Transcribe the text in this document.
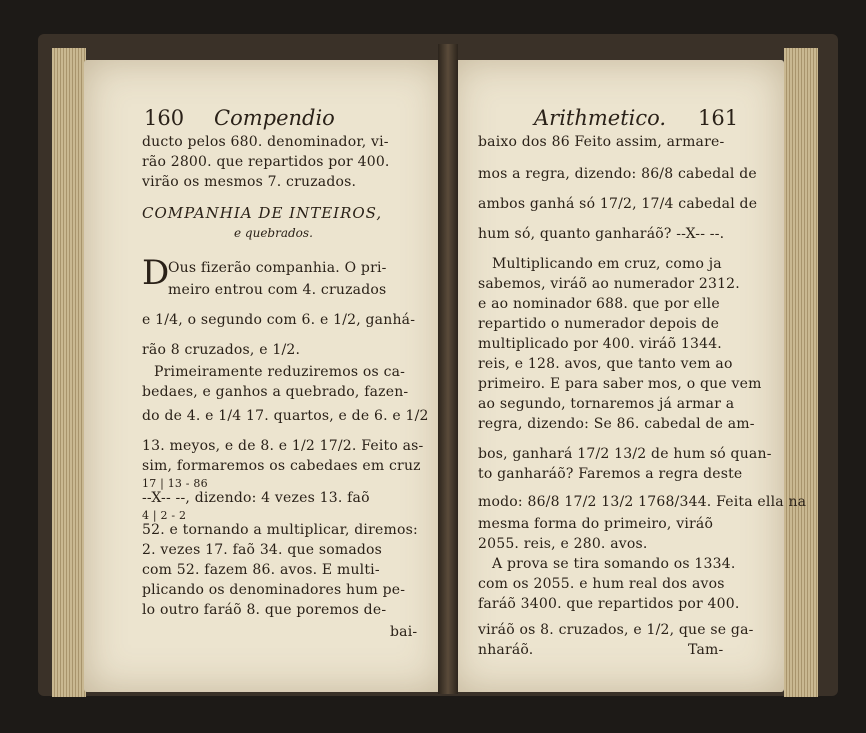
160 Compendio
ducto pelos 680. denominador, vi-
rão 2800. que repartidos por 400.
virão os mesmos 7. cruzados.
COMPANHIA DE INTEIROS,
e quebrados.
D
Ous fizerão companhia. O pri-
meiro entrou com 4. cruzados
e 1/4, o segundo com 6. e 1/2, ganhá-
rão 8 cruzados, e 1/2.
Primeiramente reduziremos os ca-
bedaes, e ganhos a quebrado, fazen-
do de 4. e 1/4 17. quartos, e de 6. e 1/2
13. meyos, e de 8. e 1/2 17/2. Feito as-
sim, formaremos os cabedaes em cruz
17 | 13 - 86
--X-- --, dizendo: 4 vezes 13. faõ
4 | 2 - 2
52. e tornando a multiplicar, diremos:
2. vezes 17. faõ 34. que somados
com 52. fazem 86. avos. E multi-
plicando os denominadores hum pe-
lo outro faráõ 8. que poremos de-
bai-
Arithmetico. 161
baixo dos 86 Feito assim, armare-
mos a regra, dizendo: 86/8 cabedal de
ambos ganhá só 17/2, 17/4 cabedal de
hum só, quanto ganharáõ? --X-- --.
Multiplicando em cruz, como ja
sabemos, viráõ ao numerador 2312.
e ao nominador 688. que por elle
repartido o numerador depois de
multiplicado por 400. viráõ 1344.
reis, e 128. avos, que tanto vem ao
primeiro. E para saber mos, o que vem
ao segundo, tornaremos já armar a
regra, dizendo: Se 86. cabedal de am-
bos, ganhará 17/2 13/2 de hum só quan-
to ganharáõ? Faremos a regra deste
modo: 86/8 17/2 13/2 1768/344. Feita ella na
mesma forma do primeiro, viráõ
2055. reis, e 280. avos.
A prova se tira somando os 1334.
com os 2055. e hum real dos avos
faráõ 3400. que repartidos por 400.
viráõ os 8. cruzados, e 1/2, que se ga-
nharáõ.	Tam-
